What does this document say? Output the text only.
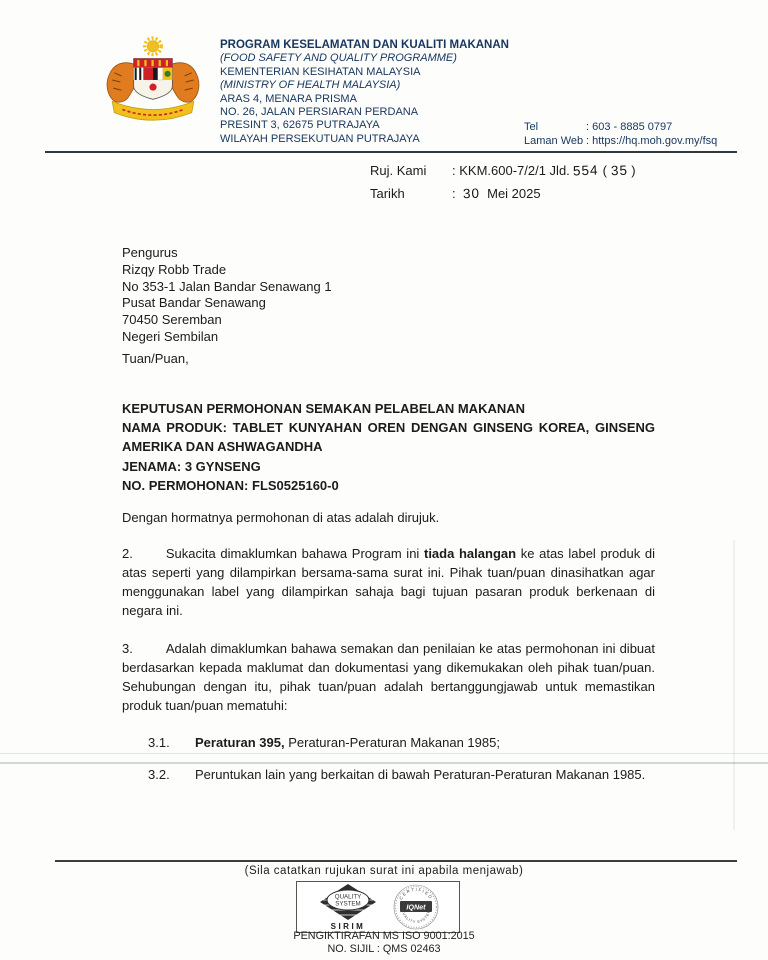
PROGRAM KESELAMATAN DAN KUALITI MAKANAN
(FOOD SAFETY AND QUALITY PROGRAMME)
KEMENTERIAN KESIHATAN MALAYSIA
(MINISTRY OF HEALTH MALAYSIA)
ARAS 4, MENARA PRISMA
NO. 26, JALAN PERSIARAN PERDANA
PRESINT 3, 62675 PUTRAJAYA
WILAYAH PERSEKUTUAN PUTRAJAYA
Tel	: 603 - 8885 0797
Laman Web : https://hq.moh.gov.my/fsq
Ruj. Kami	: KKM.600-7/2/1 Jld. 554 ( 35 )
Tarikh	: 30 Mei 2025
Pengurus
Rizqy Robb Trade
No 353-1 Jalan Bandar Senawang 1
Pusat Bandar Senawang
70450 Seremban
Negeri Sembilan
Tuan/Puan,
KEPUTUSAN PERMOHONAN SEMAKAN PELABELAN MAKANAN
NAMA PRODUK: TABLET KUNYAHAN OREN DENGAN GINSENG KOREA, GINSENG AMERIKA DAN ASHWAGANDHA
JENAMA: 3 GYNSENG
NO. PERMOHONAN: FLS0525160-0
Dengan hormatnya permohonan di atas adalah dirujuk.
2.	Sukacita dimaklumkan bahawa Program ini tiada halangan ke atas label produk di atas seperti yang dilampirkan bersama-sama surat ini. Pihak tuan/puan dinasihatkan agar menggunakan label yang dilampirkan sahaja bagi tujuan pasaran produk berkenaan di negara ini.
3.	Adalah dimaklumkan bahawa semakan dan penilaian ke atas permohonan ini dibuat berdasarkan kepada maklumat dan dokumentasi yang dikemukakan oleh pihak tuan/puan. Sehubungan dengan itu, pihak tuan/puan adalah bertanggungjawab untuk memastikan produk tuan/puan mematuhi:
3.1.	Peraturan 395, Peraturan-Peraturan Makanan 1985;
3.2.	Peruntukan lain yang berkaitan di bawah Peraturan-Peraturan Makanan 1985.
(Sila catatkan rujukan surat ini apabila menjawab)
QUALITY
SYSTEM
SIRIM
CERTIFIED
IQNet
QUALITY SYSTEM
PENGIKTIRAFAN MS ISO 9001:2015
NO. SIJIL : QMS 02463
